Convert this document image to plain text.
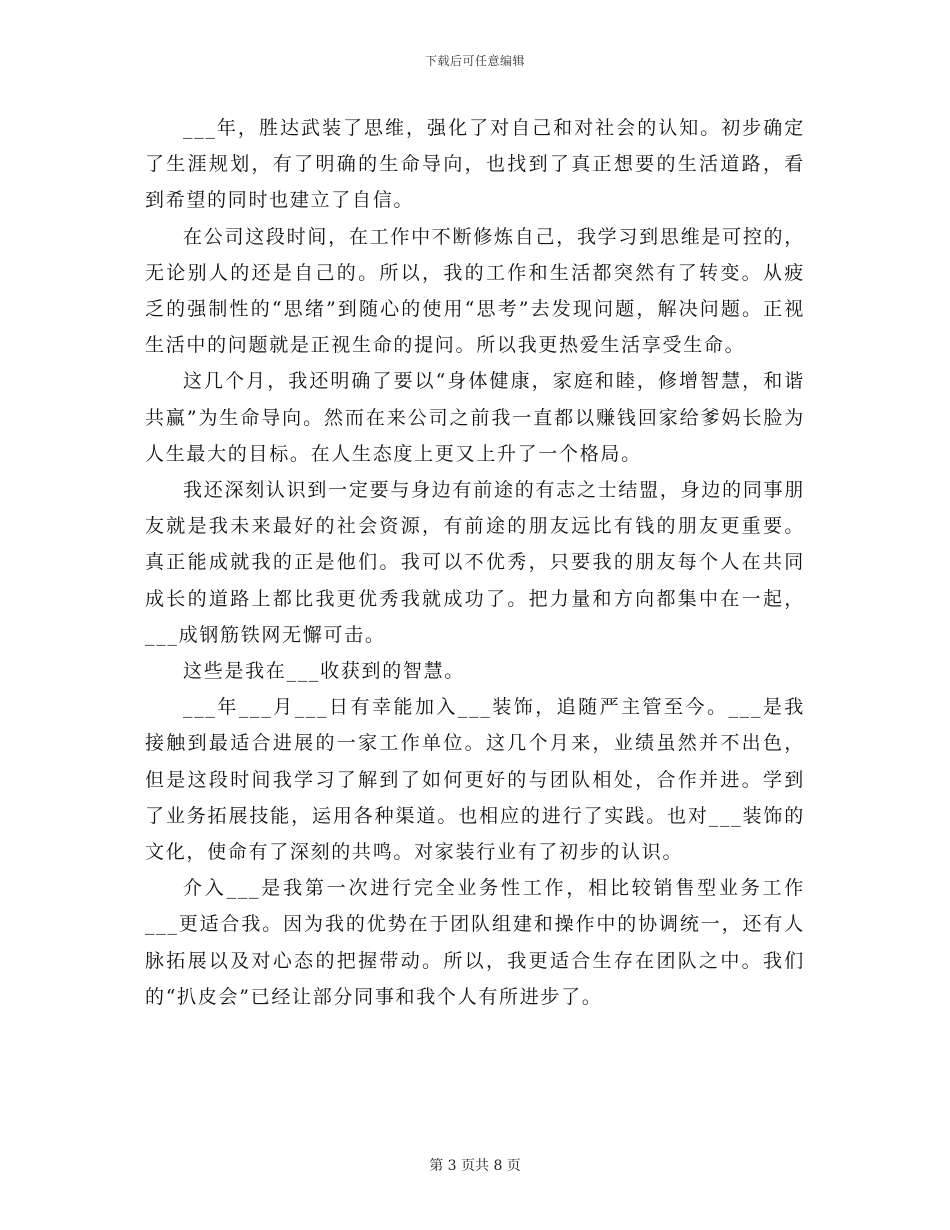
下载后可任意编辑

___年，胜达武装了思维，强化了对自己和对社会的认知。初步确定了生涯规划，有了明确的生命导向，也找到了真正想要的生活道路，看到希望的同时也建立了自信。

在公司这段时间，在工作中不断修炼自己，我学习到思维是可控的，无论别人的还是自己的。所以，我的工作和生活都突然有了转变。从疲乏的强制性的“思绪”到随心的使用“思考”去发现问题，解决问题。正视生活中的问题就是正视生命的提问。所以我更热爱生活享受生命。

这几个月，我还明确了要以“身体健康，家庭和睦，修增智慧，和谐共赢”为生命导向。然而在来公司之前我一直都以赚钱回家给爹妈长脸为人生最大的目标。在人生态度上更又上升了一个格局。

我还深刻认识到一定要与身边有前途的有志之士结盟，身边的同事朋友就是我未来最好的社会资源，有前途的朋友远比有钱的朋友更重要。真正能成就我的正是他们。我可以不优秀，只要我的朋友每个人在共同成长的道路上都比我更优秀我就成功了。把力量和方向都集中在一起，___成钢筋铁网无懈可击。

这些是我在___收获到的智慧。

___年___月___日有幸能加入___装饰，追随严主管至今。___是我接触到最适合进展的一家工作单位。这几个月来，业绩虽然并不出色，但是这段时间我学习了解到了如何更好的与团队相处，合作并进。学到了业务拓展技能，运用各种渠道。也相应的进行了实践。也对___装饰的文化，使命有了深刻的共鸣。对家装行业有了初步的认识。

介入___是我第一次进行完全业务性工作，相比较销售型业务工作___更适合我。因为我的优势在于团队组建和操作中的协调统一，还有人脉拓展以及对心态的把握带动。所以，我更适合生存在团队之中。我们的“扒皮会”已经让部分同事和我个人有所进步了。

第 3 页共 8 页
